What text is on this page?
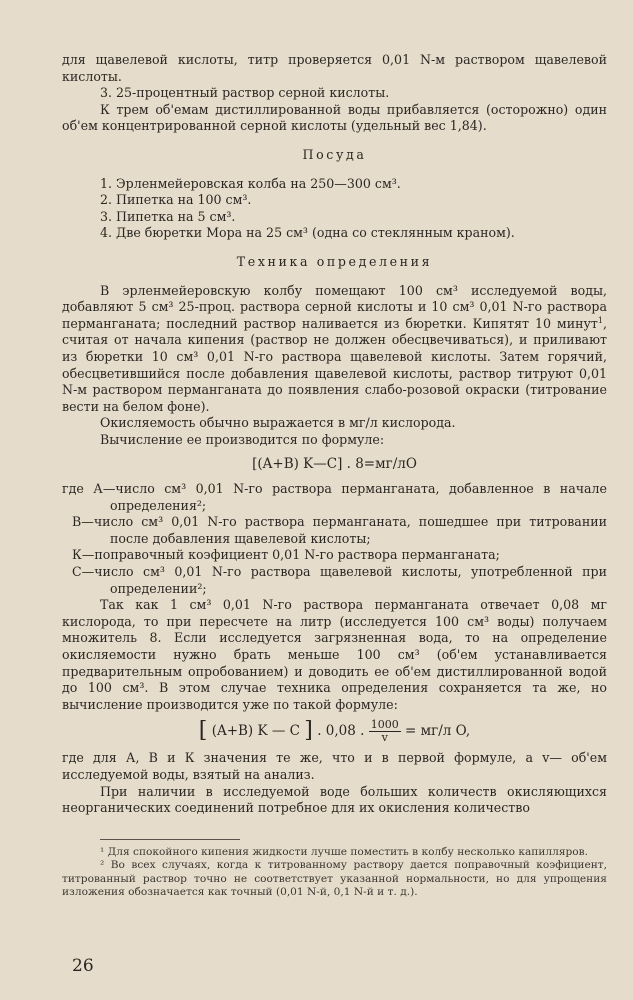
для щавелевой кислоты, титр проверяется 0,01 N-м раствором щавелевой кислоты.

3. 25-процентный раствор серной кислоты.

К трем об'емам дистиллированной воды прибавляется (осторожно) один об'ем концентрированной серной кислоты (удельный вес 1,84).

Посуда
1. Эрленмейеровская колба на 250—300 см³.
2. Пипетка на 100 см³.
3. Пипетка на 5 см³.
4. Две бюретки Мора на 25 см³ (одна со стеклянным краном).
Техника определения

В эрленмейеровскую колбу помещают 100 см³ исследуемой воды, добавляют 5 см³ 25-проц. раствора серной кислоты и 10 см³ 0,01 N-го раствора перманганата; последний раствор наливается из бюретки. Кипятят 10 минут$^1$, считая от начала кипения (раствор не должен обесцвечиваться), и приливают из бюретки 10 см³ 0,01 N-го раствора щавелевой кислоты. Затем горячий, обесцветившийся после добавления щавелевой кислоты, раствор титруют 0,01 N-м раствором перманганата до появления слабо-розовой окраски (титрование вести на белом фоне).

Окисляемость обычно выражается в мг/л кислорода.

Вычисление ее производится по формуле:

[(A+B) K—C] . 8=мг/лО

где А—число см³ 0,01 N-го раствора перманганата, добавленное в начале определения²;

В—число см³ 0,01 N-го раствора перманганата, пошедшее при титровании после добавления щавелевой кислоты;

К—поправочный коэфициент 0,01 N-го раствора перманганата;

С—число см³ 0,01 N-го раствора щавелевой кислоты, употребленной при определении²;

Так как 1 см³ 0,01 N-го раствора перманганата отвечает 0,08 мг кислорода, то при пересчете на литр (исследуется 100 см³ воды) получаем множитель 8. Если исследуется загрязненная вода, то на определение окисляемости нужно брать меньше 100 см³ (об'ем устанавливается предварительным опробованием) и доводить ее об'ем дистиллированной водой до 100 см³. В этом случае техника определения сохраняется та же, но вычисление производится уже по такой формуле:

[ (A+B) K — C ] . 0,08 . $\frac{1000}{v} = мг/л$ O,

где для А, В и К значения те же, что и в первой формуле, а v— об'ем исследуемой воды, взятый на анализ.

При наличии в исследуемой воде больших количеств окисляющихся неорганических соединений потребное для их окисления количество

¹ Для спокойного кипения жидкости лучше поместить в колбу несколько капилляров.

² Во всех случаях, когда к титрованному раствору дается поправочный коэфициент, титрованный раствор точно не соответствует указанной нормальности, но для упрощения изложения обозначается как точный (0,01 N-й, 0,1 N-й и т. д.).

26
